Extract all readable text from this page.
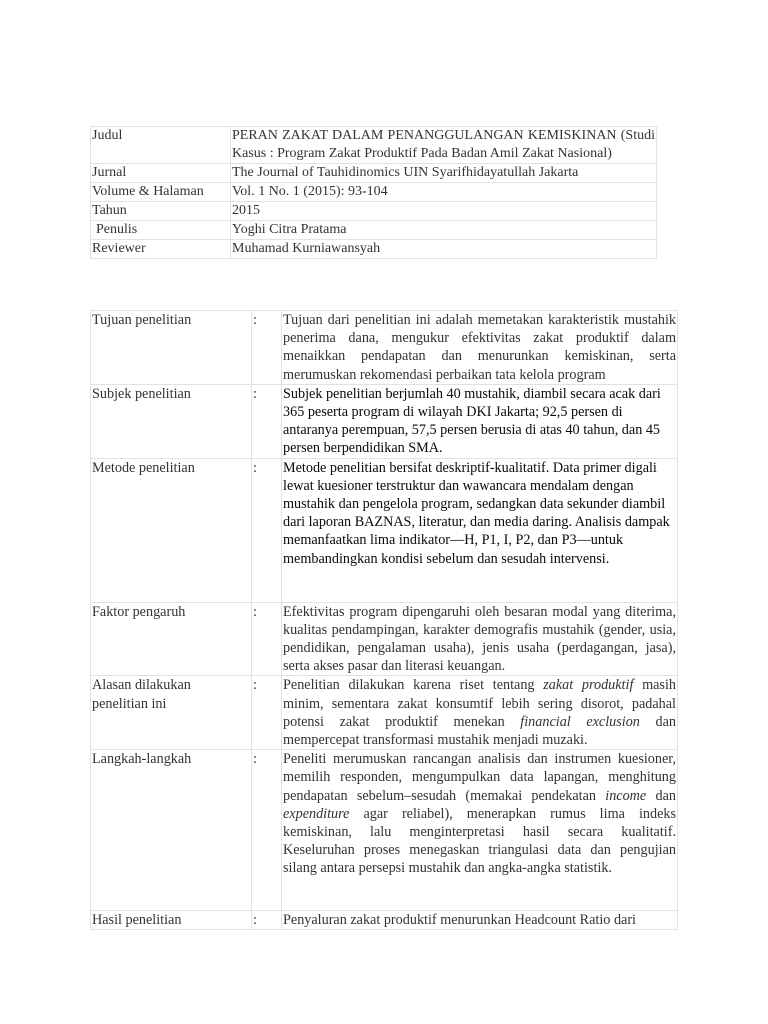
Judul	PERAN ZAKAT DALAM PENANGGULANGAN KEMISKINAN (Studi Kasus : Program Zakat Produktif Pada Badan Amil Zakat Nasional)
Jurnal	The Journal of Tauhidinomics UIN Syarifhidayatullah Jakarta
Volume & Halaman	Vol. 1 No. 1 (2015): 93-104
Tahun	2015
Penulis	Yoghi Citra Pratama
Reviewer	Muhamad Kurniawansyah
Tujuan penelitian	:	Tujuan dari penelitian ini adalah memetakan karakteristik mustahik penerima dana, mengukur efektivitas zakat produktif dalam menaikkan pendapatan dan menurunkan kemiskinan, serta merumuskan rekomendasi perbaikan tata kelola program
Subjek penelitian	:	Subjek penelitian berjumlah 40 mustahik, diambil secara acak dari 365 peserta program di wilayah DKI Jakarta; 92,5 persen di antaranya perempuan, 57,5 persen berusia di atas 40 tahun, dan 45 persen berpendidikan SMA.
Metode penelitian	:	Metode penelitian bersifat deskriptif-kualitatif. Data primer digali lewat kuesioner terstruktur dan wawancara mendalam dengan mustahik dan pengelola program, sedangkan data sekunder diambil dari laporan BAZNAS, literatur, dan media daring. Analisis dampak memanfaatkan lima indikator—H, P1, I, P2, dan P3—untuk membandingkan kondisi sebelum dan sesudah intervensi.
Faktor pengaruh	:	Efektivitas program dipengaruhi oleh besaran modal yang diterima, kualitas pendampingan, karakter demografis mustahik (gender, usia, pendidikan, pengalaman usaha), jenis usaha (perdagangan, jasa), serta akses pasar dan literasi keuangan.

Alasan dilakukan
penelitian ini	:	Penelitian dilakukan karena riset tentang zakat produktif masih minim, sementara zakat konsumtif lebih sering disorot, padahal potensi zakat produktif menekan financial exclusion dan mempercepat transformasi mustahik menjadi muzaki.
Langkah-langkah	:	Peneliti merumuskan rancangan analisis dan instrumen kuesioner, memilih responden, mengumpulkan data lapangan, menghitung pendapatan sebelum–sesudah (memakai pendekatan income dan expenditure agar reliabel), menerapkan rumus lima indeks kemiskinan, lalu menginterpretasi hasil secara kualitatif. Keseluruhan proses menegaskan triangulasi data dan pengujian silang antara persepsi mustahik dan angka-angka statistik.
Hasil penelitian	:	Penyaluran zakat produktif menurunkan Headcount Ratio dari
